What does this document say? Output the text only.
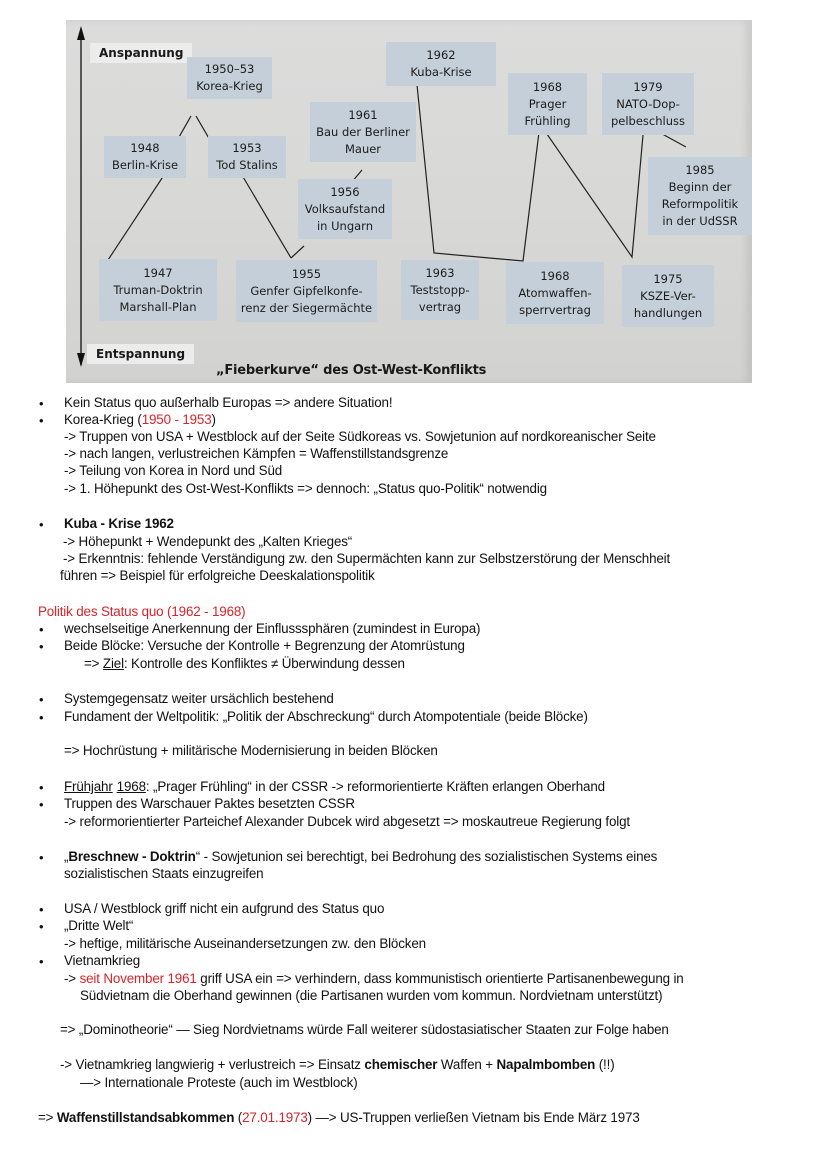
Anspannung
Entspannung
1950–53
Korea-Krieg
1948
Berlin-Krise
1953
Tod Stalins
1961
Bau der Berliner
Mauer
1956
Volksaufstand
in Ungarn
1962
Kuba-Krise
1968
Prager
Frühling
1979
NATO-Dop-
pelbeschluss
1985
Beginn der
Reformpolitik
in der UdSSR
1947
Truman-Doktrin
Marshall-Plan
1955
Genfer Gipfelkonfe-
renz der Siegermächte
1963
Teststopp-
vertrag
1968
Atomwaffen-
sperrvertrag
1975
KSZE-Ver-
handlungen
„Fieberkurve“ des Ost-West-Konflikts
• Kein Status quo außerhalb Europas => andere Situation!
• Korea-Krieg (1950 - 1953)
-> Truppen von USA + Westblock auf der Seite Südkoreas vs. Sowjetunion auf nordkoreanischer Seite
-> nach langen, verlustreichen Kämpfen = Waffenstillstandsgrenze
-> Teilung von Korea in Nord und Süd
-> 1. Höhepunkt des Ost-West-Konflikts => dennoch: „Status quo-Politik“ notwendig
• Kuba - Krise 1962
-> Höhepunkt + Wendepunkt des „Kalten Krieges“
-> Erkenntnis: fehlende Verständigung zw. den Supermächten kann zur Selbstzerstörung der Menschheit
führen => Beispiel für erfolgreiche Deeskalationspolitik
Politik des Status quo (1962 - 1968)
• wechselseitige Anerkennung der Einflusssphären (zumindest in Europa)
• Beide Blöcke: Versuche der Kontrolle + Begrenzung der Atomrüstung
=> Ziel: Kontrolle des Konfliktes ≠ Überwindung dessen
• Systemgegensatz weiter ursächlich bestehend
• Fundament der Weltpolitik: „Politik der Abschreckung“ durch Atompotentiale (beide Blöcke)
=> Hochrüstung + militärische Modernisierung in beiden Blöcken
• Frühjahr 1968: „Prager Frühling“ in der CSSR -> reformorientierte Kräften erlangen Oberhand
• Truppen des Warschauer Paktes besetzten CSSR
-> reformorientierter Parteichef Alexander Dubcek wird abgesetzt => moskautreue Regierung folgt
• „Breschnew - Doktrin“ - Sowjetunion sei berechtigt, bei Bedrohung des sozialistischen Systems eines
sozialistischen Staats einzugreifen
• USA / Westblock griff nicht ein aufgrund des Status quo
• „Dritte Welt“
-> heftige, militärische Auseinandersetzungen zw. den Blöcken
• Vietnamkrieg
-> seit November 1961 griff USA ein => verhindern, dass kommunistisch orientierte Partisanenbewegung in
Südvietnam die Oberhand gewinnen (die Partisanen wurden vom kommun. Nordvietnam unterstützt)
=> „Dominotheorie“ — Sieg Nordvietnams würde Fall weiterer südostasiatischer Staaten zur Folge haben
-> Vietnamkrieg langwierig + verlustreich => Einsatz chemischer Waffen + Napalmbomben (!!)
—> Internationale Proteste (auch im Westblock)
=> Waffenstillstandsabkommen (27.01.1973) —> US-Truppen verließen Vietnam bis Ende März 1973
